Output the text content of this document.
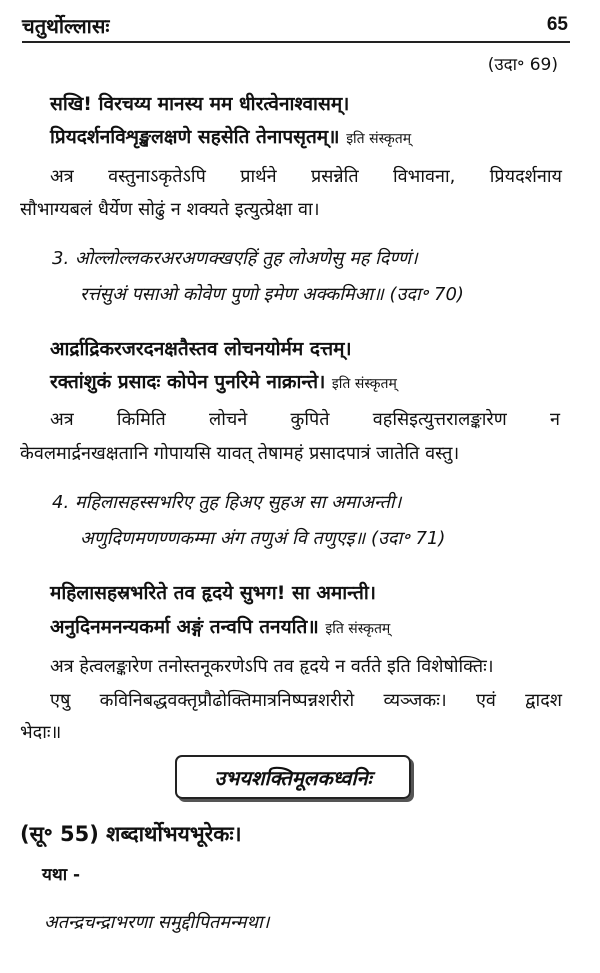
चतुर्थोल्लासः	65
(उदा॰ 69)
सखि! विरचय्य मानस्य मम धीरत्वेनाश्वासम्।
प्रियदर्शनविशृङ्खलक्षणे सहसेति तेनापसृतम्॥ इति संस्कृतम्
अत्र वस्तुनाऽकृतेऽपि प्रार्थने प्रसन्नेति विभावना, प्रियदर्शनाय
सौभाग्यबलं धैर्येण सोढुं न शक्यते इत्युत्प्रेक्षा वा।
3. ओल्लोल्लकरअरअणक्खएहिं तुह लोअणेसु मह दिण्णं।
रत्तंसुअं पसाओ कोवेण पुणो इमेण अक्कमिआ॥ (उदा॰ 70)
आर्द्राद्रिकरजरदनक्षतैस्तव लोचनयोर्मम दत्तम्।
रक्तांशुकं प्रसादः कोपेन पुनरिमे नाक्रान्ते। इति संस्कृतम्
अत्र किमिति लोचने कुपिते वहसिइत्युत्तरालङ्कारेण न
केवलमार्द्रनखक्षतानि गोपायसि यावत् तेषामहं प्रसादपात्रं जातेति वस्तु।
4. महिलासहस्सभरिए तुह हिअए सुहअ सा अमाअन्ती।
अणुदिणमणण्णकम्मा अंग तणुअं वि तणुएइ॥ (उदा॰ 71)
महिलासहस्रभरिते तव हृदये सुभग! सा अमान्ती।
अनुदिनमनन्यकर्मा अङ्गं तन्वपि तनयति॥ इति संस्कृतम्
अत्र हेत्वलङ्कारेण तनोस्तनूकरणेऽपि तव हृदये न वर्तते इति विशेषोक्तिः।
एषु कविनिबद्धवक्तृप्रौढोक्तिमात्रनिष्पन्नशरीरो व्यञ्जकः। एवं द्वादश
भेदाः॥
उभयशक्तिमूलकध्वनिः
(सू॰ 55) शब्दार्थोभयभूरेकः।
यथा -
अतन्द्रचन्द्राभरणा समुद्दीपितमन्मथा।
